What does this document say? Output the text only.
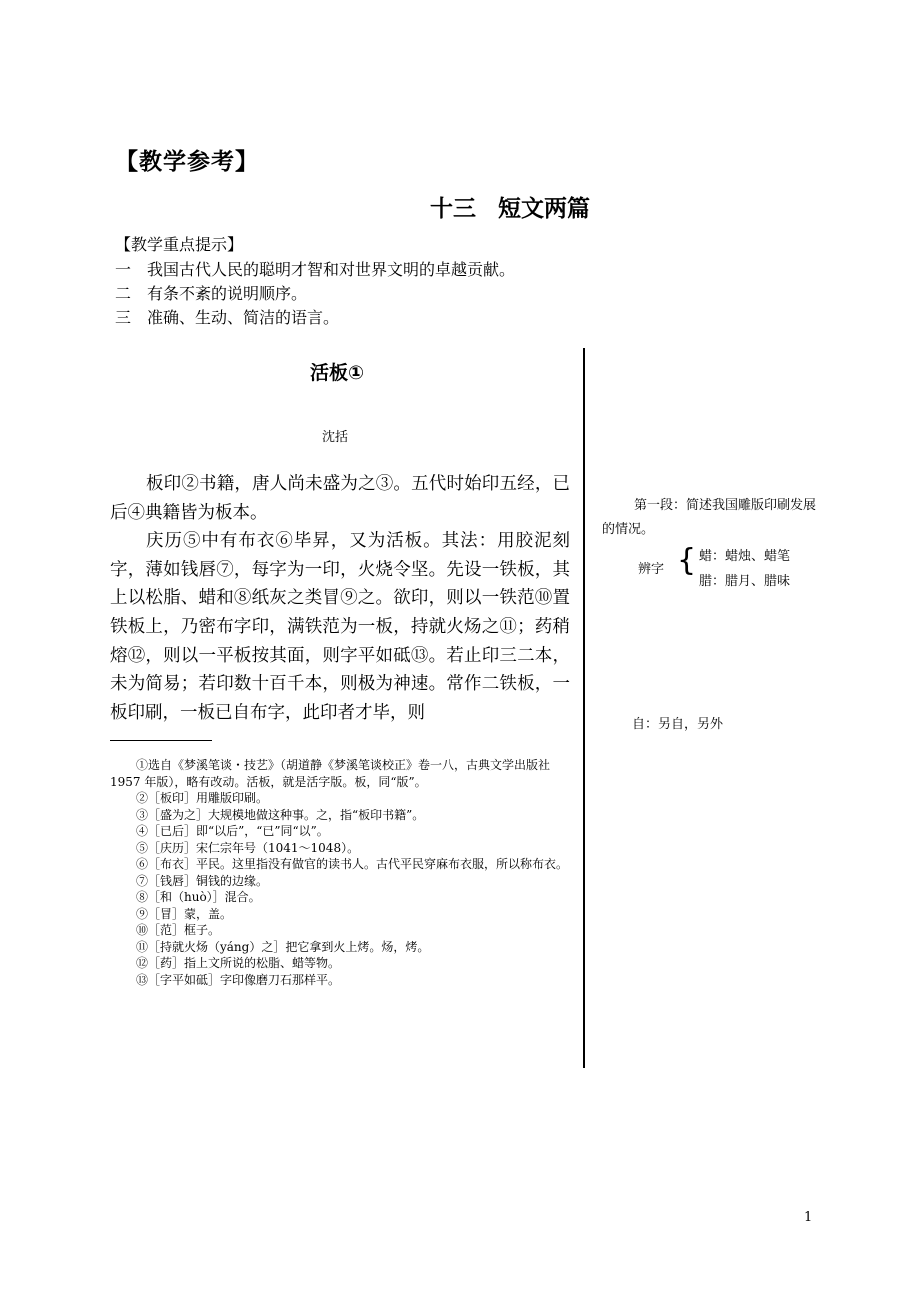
【教学参考】
十三 短文两篇
【教学重点提示】
一 我国古代人民的聪明才智和对世界文明的卓越贡献。
二 有条不紊的说明顺序。
三 准确、生动、简洁的语言。
活板①
沈括

板印②书籍，唐人尚未盛为之③。五代时始印五经，已后④典籍皆为板本。

庆历⑤中有布衣⑥毕昇，又为活板。其法：用胶泥刻字，薄如钱唇⑦，每字为一印，火烧令坚。先设一铁板，其上以松脂、蜡和⑧纸灰之类冒⑨之。欲印，则以一铁范⑩置铁板上，乃密布字印，满铁范为一板，持就火炀之⑪；药稍熔⑫，则以一平板按其面，则字平如砥⑬。若止印三二本，未为简易；若印数十百千本，则极为神速。常作二铁板，一板印刷，一板已自布字，此印者才毕，则

①选自《梦溪笔谈・技艺》（胡道静《梦溪笔谈校正》卷一八，古典文学出版社 1957 年版），略有改动。活板，就是活字版。板，同“版”。

②［板印］用雕版印刷。

③［盛为之］大规模地做这种事。之，指“板印书籍”。

④［已后］即“以后”，“已”同“以”。

⑤［庆历］宋仁宗年号（1041～1048）。

⑥［布衣］平民。这里指没有做官的读书人。古代平民穿麻布衣服，所以称布衣。

⑦［钱唇］铜钱的边缘。

⑧［和（huò）］混合。

⑨［冒］蒙，盖。

⑩［范］框子。

⑪［持就火炀（yáng）之］把它拿到火上烤。炀，烤。

⑫［药］指上文所说的松脂、蜡等物。

⑬［字平如砥］字印像磨刀石那样平。

第一段：简述我国雕版印刷发展的情况。

辨字 { 蜡：蜡烛、蜡笔
腊：腊月、腊味
自：另自，另外
1
